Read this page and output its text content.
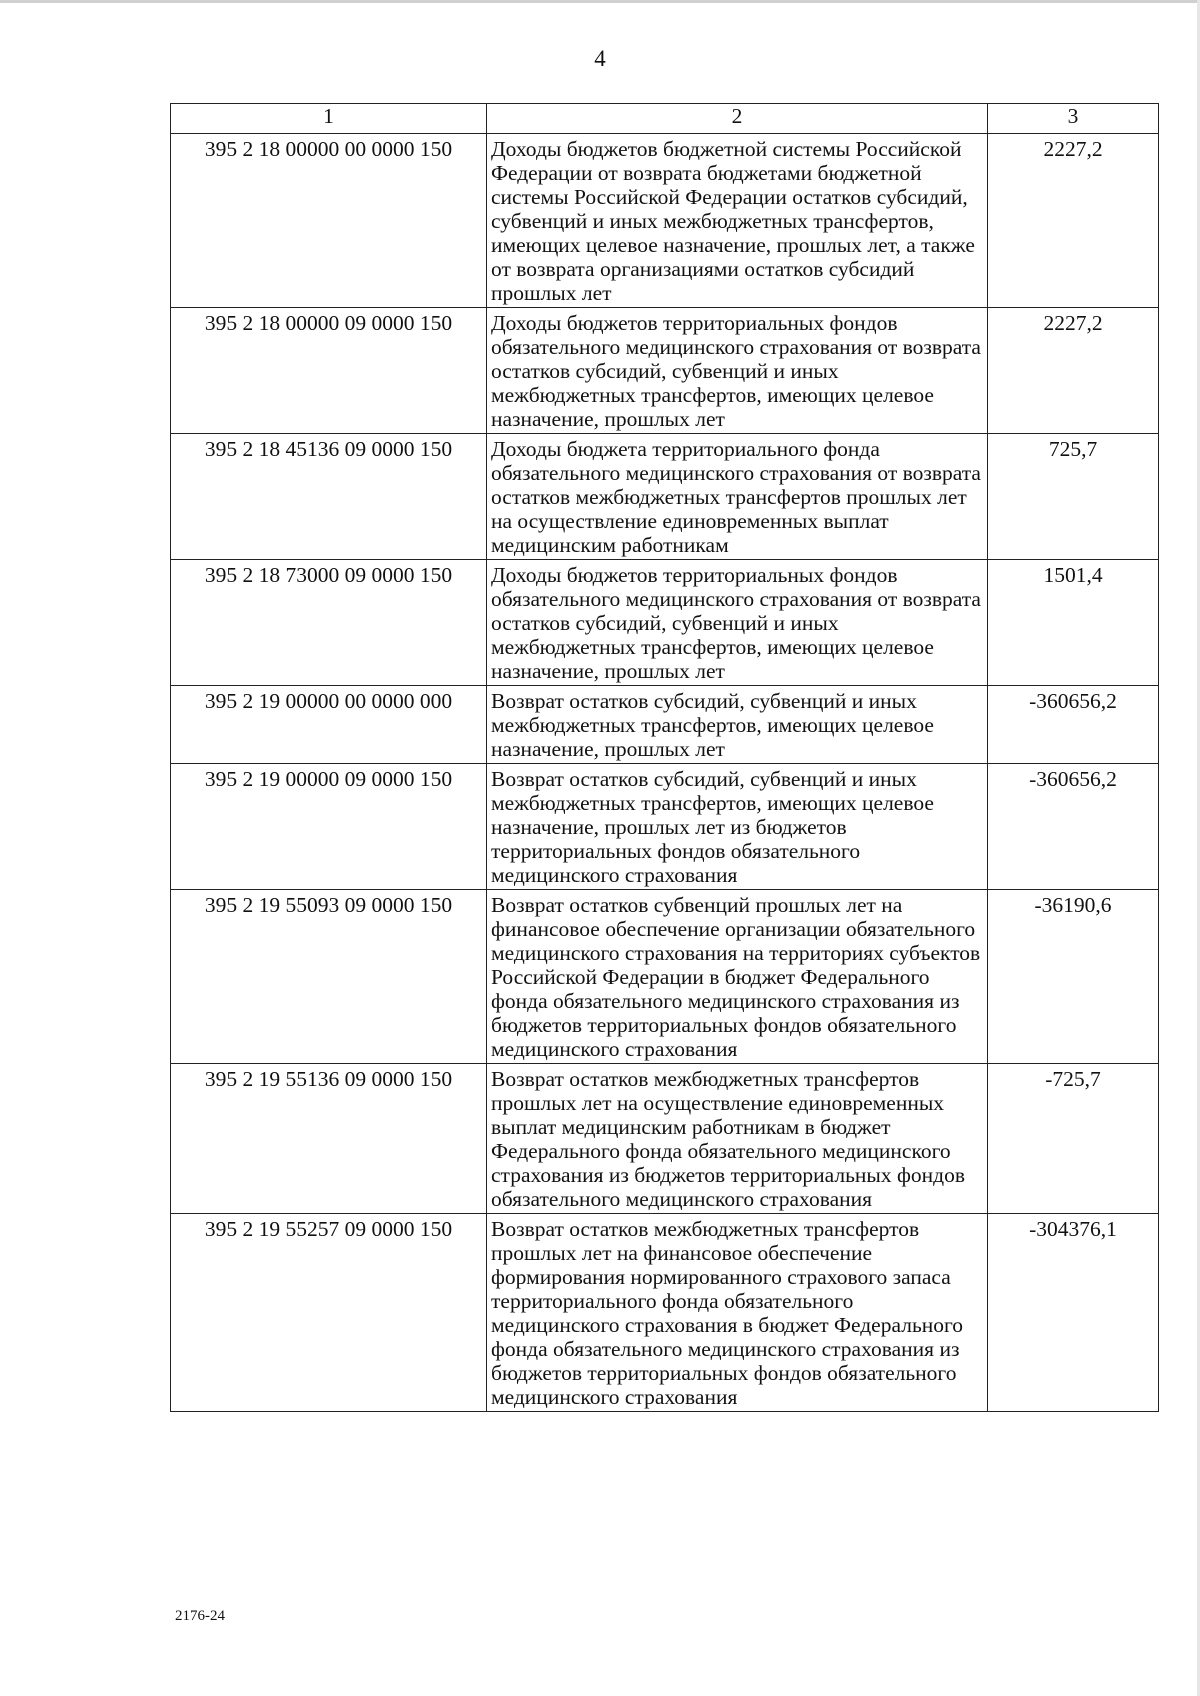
4
1	2	3
395 2 18 00000 00 0000 150	Доходы бюджетов бюджетной системы Российской Федерации от возврата бюджетами бюджетной системы Российской Федерации остатков субсидий, субвенций и иных межбюджетных трансфертов, имеющих целевое назначение, прошлых лет, а также от возврата организациями остатков субсидий прошлых лет	2227,2
395 2 18 00000 09 0000 150	Доходы бюджетов территориальных фондов обязательного медицинского страхования от возврата остатков субсидий, субвенций и иных межбюджетных трансфертов, имеющих целевое назначение, прошлых лет	2227,2
395 2 18 45136 09 0000 150	Доходы бюджета территориального фонда обязательного медицинского страхования от возврата остатков межбюджетных трансфертов прошлых лет на осуществление единовременных выплат медицинским работникам	725,7
395 2 18 73000 09 0000 150	Доходы бюджетов территориальных фондов обязательного медицинского страхования от возврата остатков субсидий, субвенций и иных межбюджетных трансфертов, имеющих целевое назначение, прошлых лет	1501,4
395 2 19 00000 00 0000 000	Возврат остатков субсидий, субвенций и иных межбюджетных трансфертов, имеющих целевое назначение, прошлых лет	-360656,2
395 2 19 00000 09 0000 150	Возврат остатков субсидий, субвенций и иных межбюджетных трансфертов, имеющих целевое назначение, прошлых лет из бюджетов территориальных фондов обязательного медицинского страхования	-360656,2
395 2 19 55093 09 0000 150	Возврат остатков субвенций прошлых лет на финансовое обеспечение организации обязательного медицинского страхования на территориях субъектов Российской Федерации в бюджет Федерального фонда обязательного медицинского страхования из бюджетов территориальных фондов обязательного медицинского страхования	-36190,6
395 2 19 55136 09 0000 150	Возврат остатков межбюджетных трансфертов прошлых лет на осуществление единовременных выплат медицинским работникам в бюджет Федерального фонда обязательного медицинского страхования из бюджетов территориальных фондов обязательного медицинского страхования	-725,7
395 2 19 55257 09 0000 150	Возврат остатков межбюджетных трансфертов прошлых лет на финансовое обеспечение формирования нормированного страхового запаса территориального фонда обязательного медицинского страхования в бюджет Федерального фонда обязательного медицинского страхования из бюджетов территориальных фондов обязательного медицинского страхования	-304376,1
2176-24
